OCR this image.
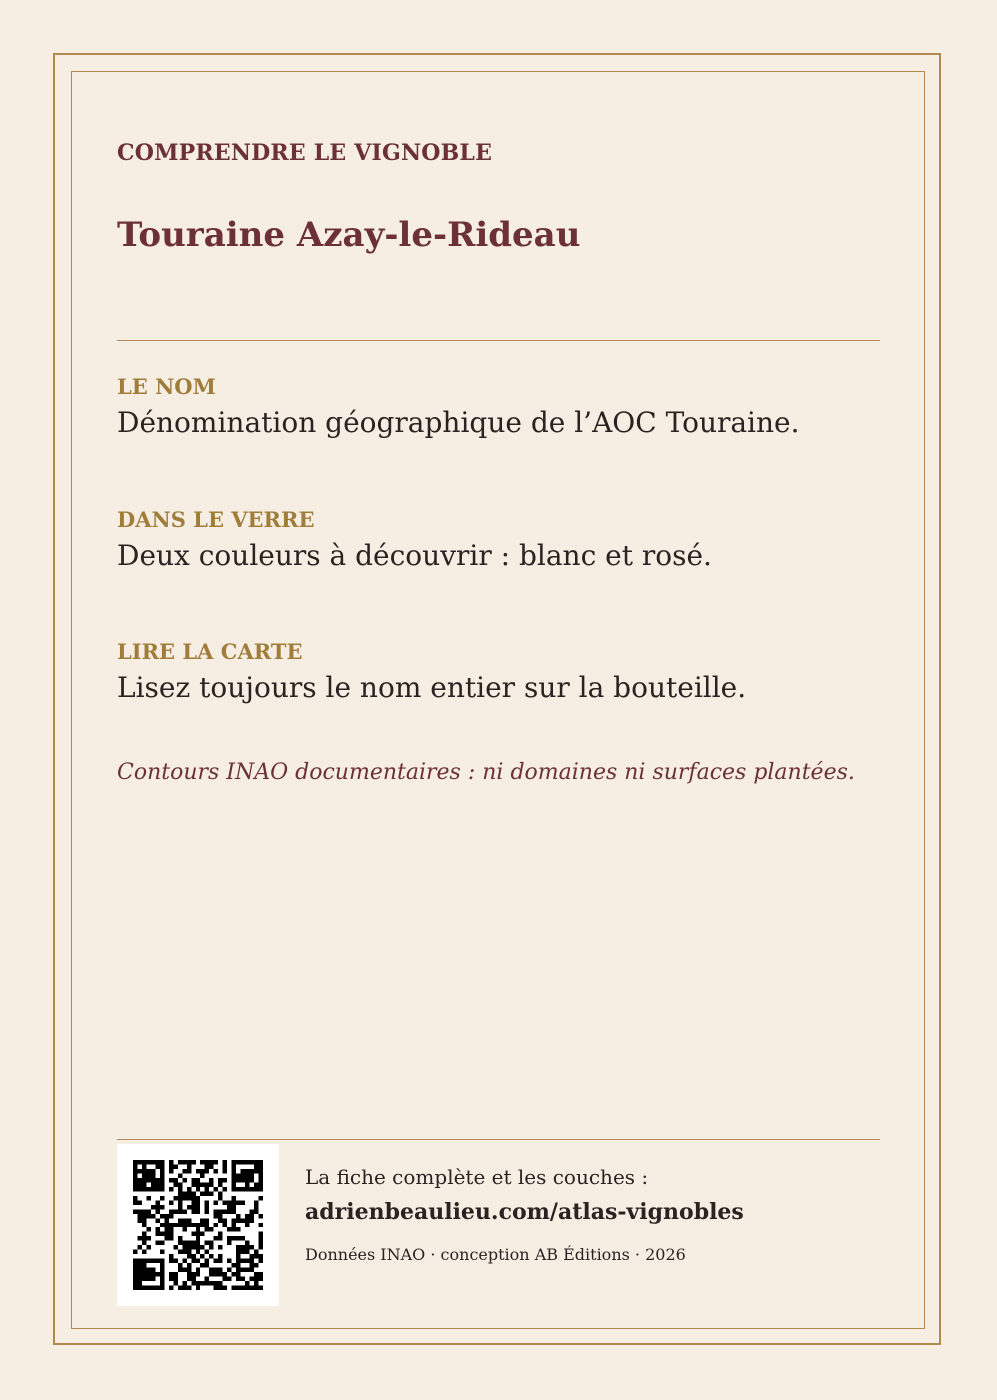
COMPRENDRE LE VIGNOBLE
Touraine Azay-le-Rideau
LE NOM
Dénomination géographique de l’AOC Touraine.
DANS LE VERRE
Deux couleurs à découvrir : blanc et rosé.
LIRE LA CARTE
Lisez toujours le nom entier sur la bouteille.
Contours INAO documentaires : ni domaines ni surfaces plantées.
La fiche complète et les couches :
adrienbeaulieu.com/atlas-vignobles
Données INAO · conception AB Éditions · 2026
